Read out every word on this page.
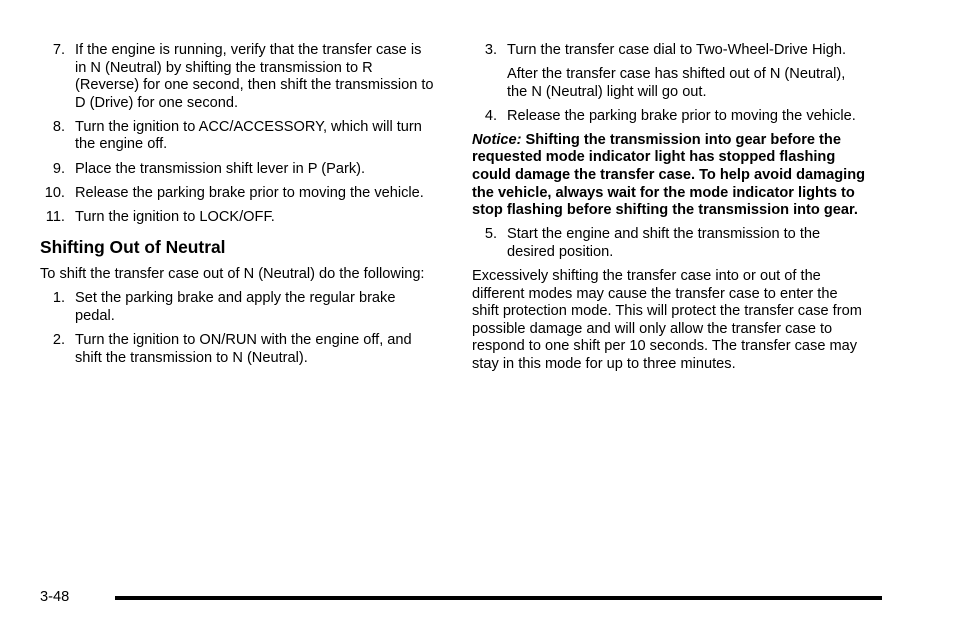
7. If the engine is running, verify that the transfer case is in N (Neutral) by shifting the transmission to R (Reverse) for one second, then shift the transmission to D (Drive) for one second.
8. Turn the ignition to ACC/ACCESSORY, which will turn the engine off.
9. Place the transmission shift lever in P (Park).
10. Release the parking brake prior to moving the vehicle.
11. Turn the ignition to LOCK/OFF.
Shifting Out of Neutral
To shift the transfer case out of N (Neutral) do the following:
1. Set the parking brake and apply the regular brake pedal.
2. Turn the ignition to ON/RUN with the engine off, and shift the transmission to N (Neutral).
3. Turn the transfer case dial to Two-Wheel-Drive High.
After the transfer case has shifted out of N (Neutral), the N (Neutral) light will go out.
4. Release the parking brake prior to moving the vehicle.
Notice: Shifting the transmission into gear before the requested mode indicator light has stopped flashing could damage the transfer case. To help avoid damaging the vehicle, always wait for the mode indicator lights to stop flashing before shifting the transmission into gear.
5. Start the engine and shift the transmission to the desired position.
Excessively shifting the transfer case into or out of the different modes may cause the transfer case to enter the shift protection mode. This will protect the transfer case from possible damage and will only allow the transfer case to respond to one shift per 10 seconds. The transfer case may stay in this mode for up to three minutes.
3-48
